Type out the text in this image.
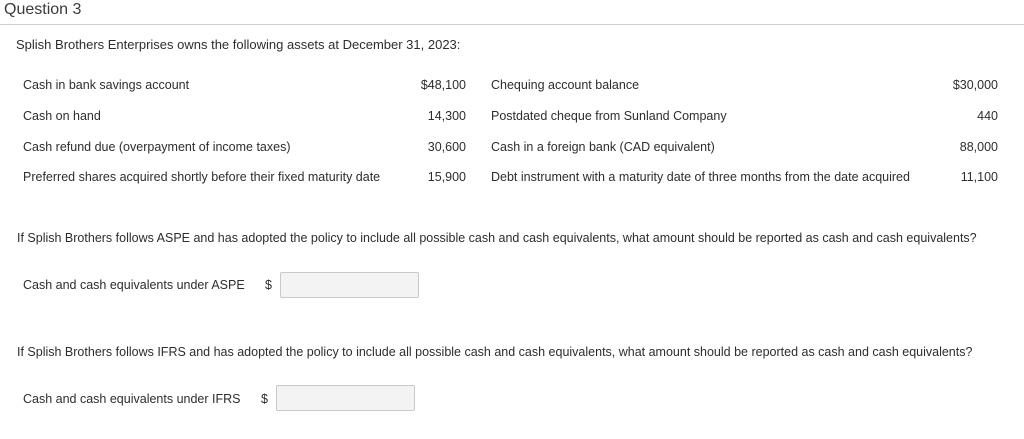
Question 3
Splish Brothers Enterprises owns the following assets at December 31, 2023:
Cash in bank savings account	$48,100 Chequing account balance	$30,000
Cash on hand	14,300 Postdated cheque from Sunland Company	440
Cash refund due (overpayment of income taxes)	30,600 Cash in a foreign bank (CAD equivalent)	88,000
Preferred shares acquired shortly before their fixed maturity date	15,900 Debt instrument with a maturity date of three months from the date acquired	11,100
If Splish Brothers follows ASPE and has adopted the policy to include all possible cash and cash equivalents, what amount should be reported as cash and cash equivalents?
Cash and cash equivalents under ASPE $
If Splish Brothers follows IFRS and has adopted the policy to include all possible cash and cash equivalents, what amount should be reported as cash and cash equivalents?
Cash and cash equivalents under IFRS $
